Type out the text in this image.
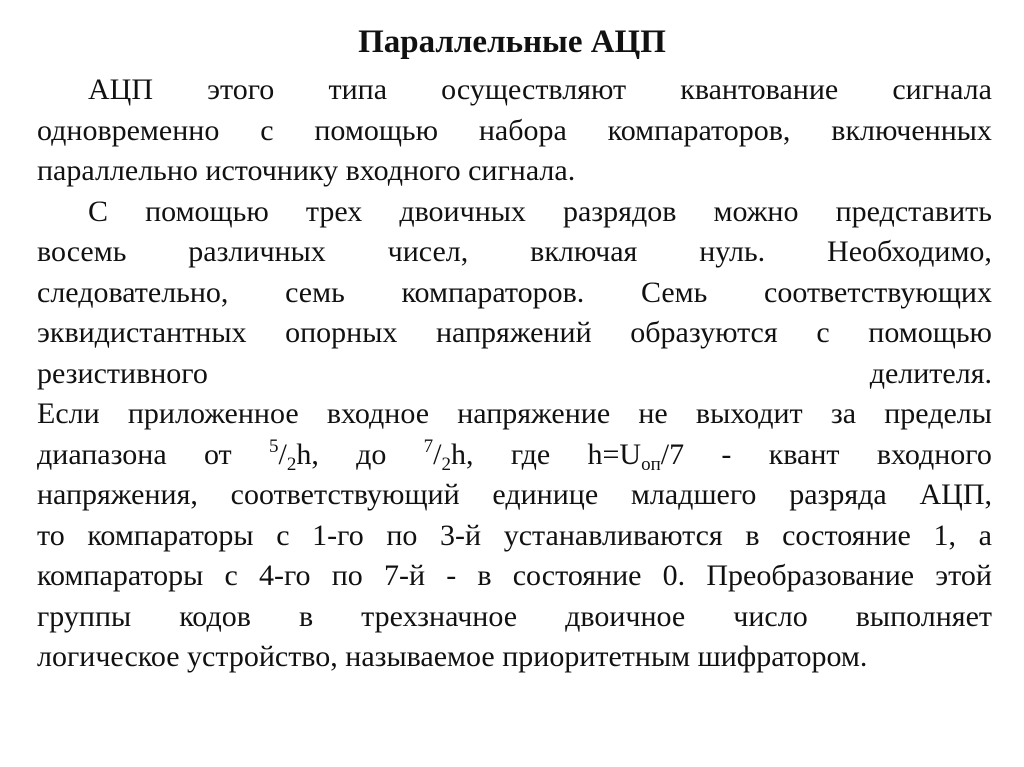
Параллельные АЦП
АЦП этого типа осуществляют квантование сигнала
одновременно с помощью набора компараторов, включенных
параллельно источнику входного сигнала.
С помощью трех двоичных разрядов можно представить
восемь различных чисел, включая нуль. Необходимо,
следовательно, семь компараторов. Семь соответствующих
эквидистантных опорных напряжений образуются с помощью
резистивного	делителя.
Если приложенное входное напряжение не выходит за пределы
диапазона от $^5/_2h$, до $^7/_2h$, где $h=U_{оп}/7$ - квант входного
напряжения, соответствующий единице младшего разряда АЦП,
то компараторы с 1-го по 3-й устанавливаются в состояние 1, а
компараторы с 4-го по 7-й - в состояние 0. Преобразование этой
группы кодов в трехзначное двоичное число выполняет
логическое устройство, называемое приоритетным шифратором.
